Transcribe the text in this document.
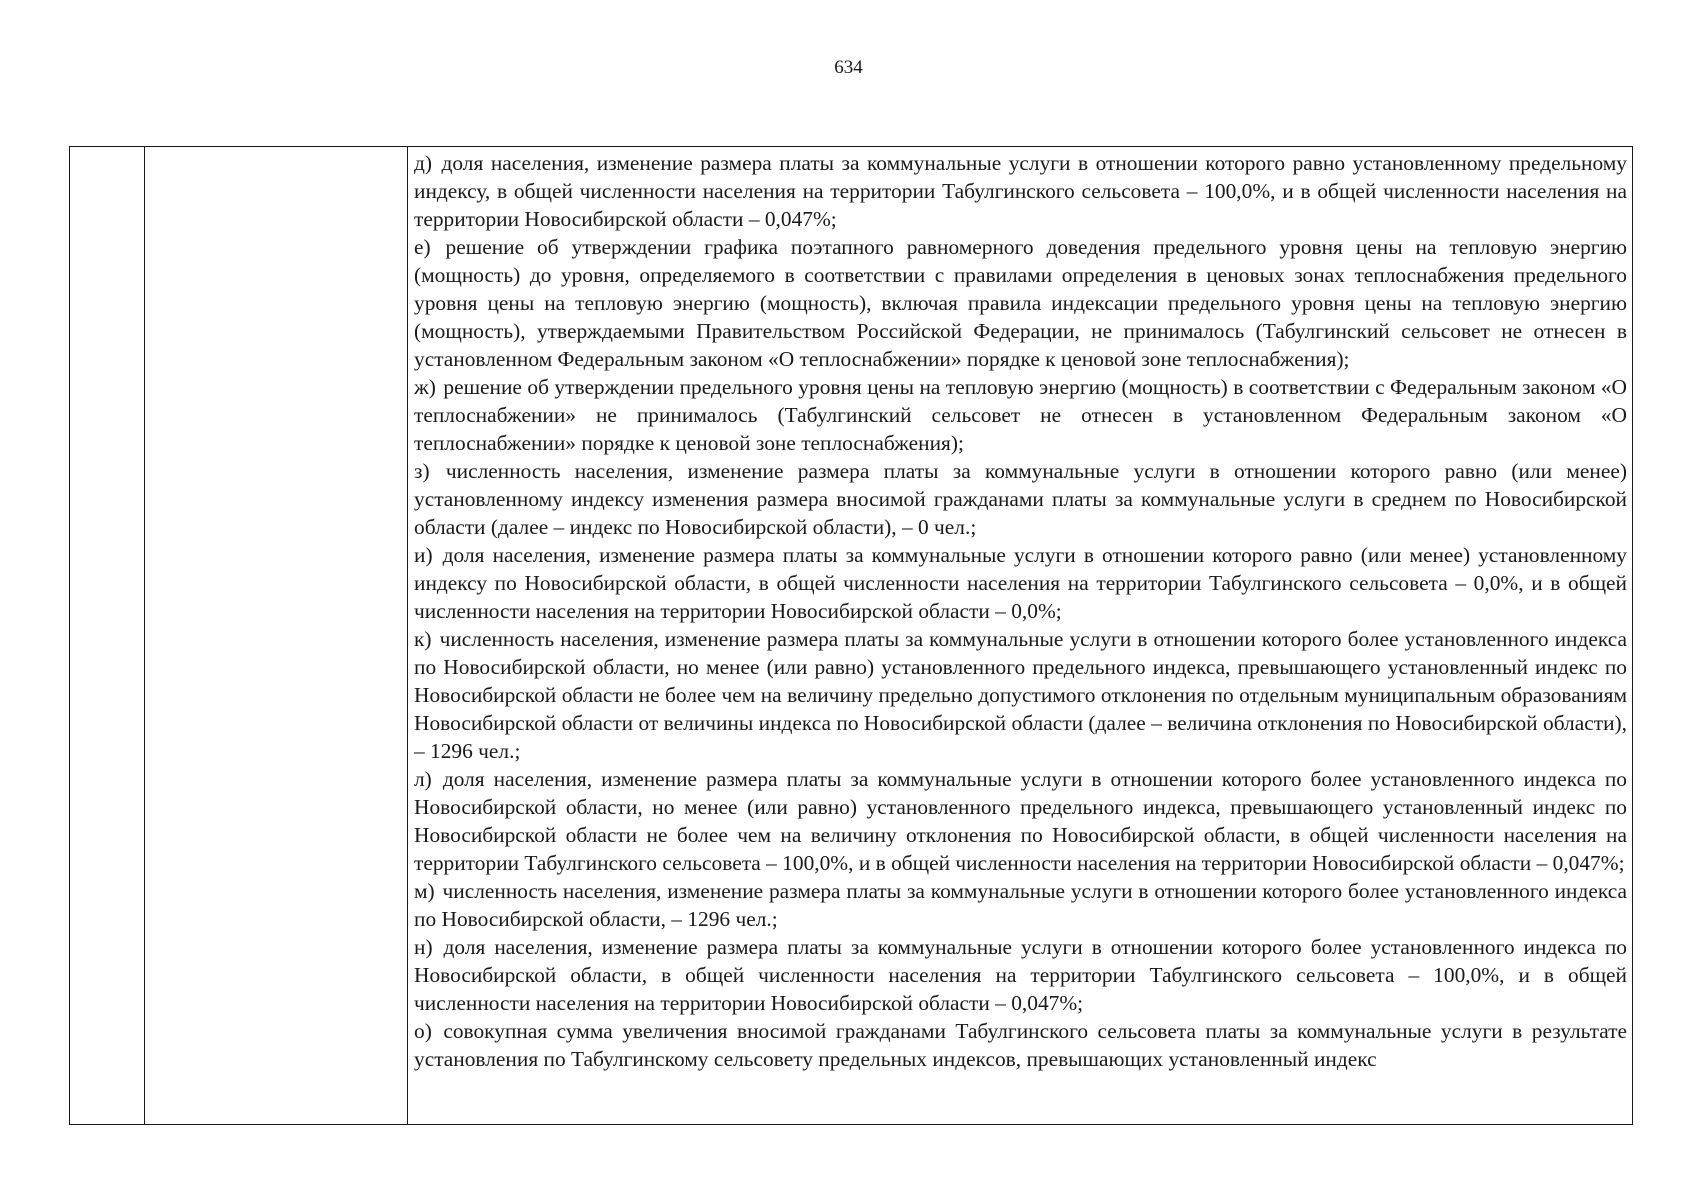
634

д) доля населения, изменение размера платы за коммунальные услуги в отношении которого равно установленному предельному индексу, в общей численности населения на территории Табулгинского сельсовета – 100,0%, и в общей численности населения на территории Новосибирской области – 0,047%;

е) решение об утверждении графика поэтапного равномерного доведения предельного уровня цены на тепловую энергию (мощность) до уровня, определяемого в соответствии с правилами определения в ценовых зонах теплоснабжения предельного уровня цены на тепловую энергию (мощность), включая правила индексации предельного уровня цены на тепловую энергию (мощность), утверждаемыми Правительством Российской Федерации, не принималось (Табулгинский сельсовет не отнесен в установленном Федеральным законом «О теплоснабжении» порядке к ценовой зоне теплоснабжения);

ж) решение об утверждении предельного уровня цены на тепловую энергию (мощность) в соответствии с Федеральным законом «О теплоснабжении» не принималось (Табулгинский сельсовет не отнесен в установленном Федеральным законом «О теплоснабжении» порядке к ценовой зоне теплоснабжения);

з) численность населения, изменение размера платы за коммунальные услуги в отношении которого равно (или менее) установленному индексу изменения размера вносимой гражданами платы за коммунальные услуги в среднем по Новосибирской области (далее – индекс по Новосибирской области), – 0 чел.;

и) доля населения, изменение размера платы за коммунальные услуги в отношении которого равно (или менее) установленному индексу по Новосибирской области, в общей численности населения на территории Табулгинского сельсовета – 0,0%, и в общей численности населения на территории Новосибирской области – 0,0%;

к) численность населения, изменение размера платы за коммунальные услуги в отношении которого более установленного индекса по Новосибирской области, но менее (или равно) установленного предельного индекса, превышающего установленный индекс по Новосибирской области не более чем на величину предельно допустимого отклонения по отдельным муниципальным образованиям Новосибирской области от величины индекса по Новосибирской области (далее – величина отклонения по Новосибирской области), – 1296 чел.;

л) доля населения, изменение размера платы за коммунальные услуги в отношении которого более установленного индекса по Новосибирской области, но менее (или равно) установленного предельного индекса, превышающего установленный индекс по Новосибирской области не более чем на величину отклонения по Новосибирской области, в общей численности населения на территории Табулгинского сельсовета – 100,0%, и в общей численности населения на территории Новосибирской области – 0,047%;

м) численность населения, изменение размера платы за коммунальные услуги в отношении которого более установленного индекса по Новосибирской области, – 1296 чел.;

н) доля населения, изменение размера платы за коммунальные услуги в отношении которого более установленного индекса по Новосибирской области, в общей численности населения на территории Табулгинского сельсовета – 100,0%, и в общей численности населения на территории Новосибирской области – 0,047%;

о) совокупная сумма увеличения вносимой гражданами Табулгинского сельсовета платы за коммунальные услуги в результате установления по Табулгинскому сельсовету предельных индексов, превышающих установленный индекс
